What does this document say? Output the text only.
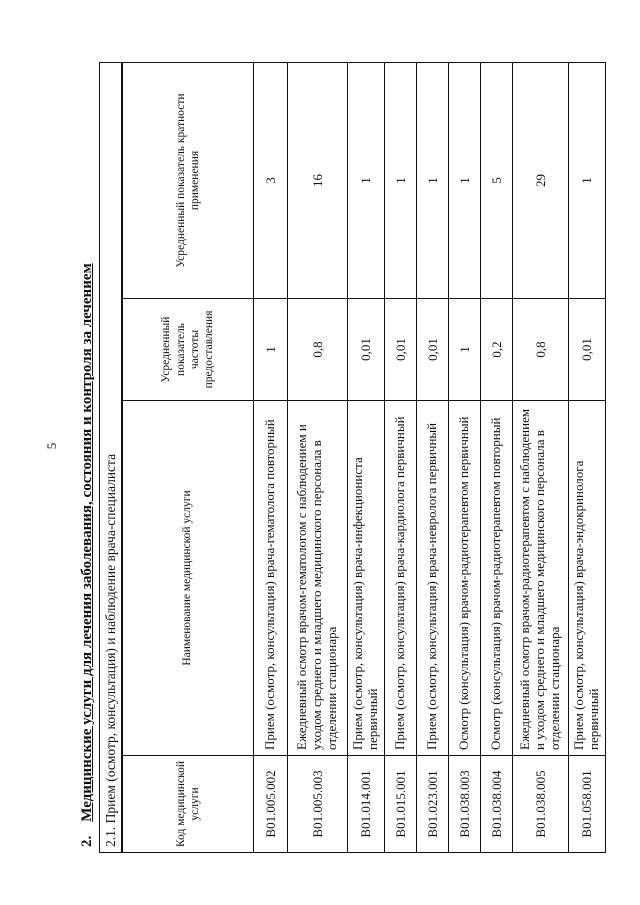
5
2.Медицинские услуги для лечения заболевания, состояния и контроля за лечением 2.1. Прием (осмотр, консультация) и наблюдение врача-специалиста	Код медицинской услуги	Наименование медицинской услуги	Усредненный показатель частоты предоставления	Усредненный показатель кратности применения
B01.005.002	Прием (осмотр, консультация) врача-гематолога повторный	1	3
B01.005.003	Ежедневный осмотр врачом-гематологом с наблюдением и уходом среднего и младшего медицинского персонала в отделении стационара	0,8	16
B01.014.001	Прием (осмотр, консультация) врача-инфекциониста первичный	0,01	1
B01.015.001	Прием (осмотр, консультация) врача-кардиолога первичный	0,01	1
B01.023.001	Прием (осмотр, консультация) врача-невролога первичный	0,01	1
B01.038.003	Осмотр (консультация) врачом-радиотерапевтом первичный	1	1
B01.038.004	Осмотр (консультация) врачом-радиотерапевтом повторный	0,2	5
B01.038.005	Ежедневный осмотр врачом-радиотерапевтом с наблюдением и уходом среднего и младшего медицинского персонала в отделении стационара	0,8	29
B01.058.001	Прием (осмотр, консультация) врача-эндокринолога первичный	0,01	1
